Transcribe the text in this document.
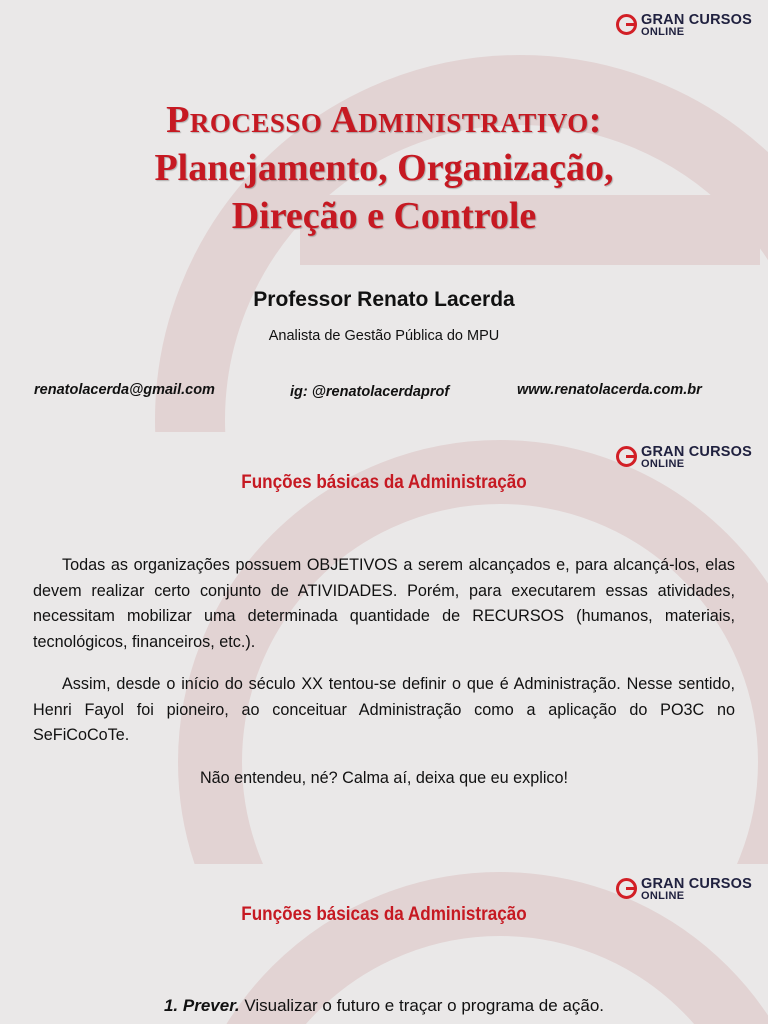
GRAN CURSOS
ONLINE
Processo Administrativo:
Planejamento, Organização,
Direção e Controle
Professor Renato Lacerda
Analista de Gestão Pública do MPU
renatolacerda@gmail.com	ig: @renatolacerdaprof	www.renatolacerda.com.br
GRAN CURSOS
ONLINE
Funções básicas da Administração

Todas as organizações possuem OBJETIVOS a serem alcançados e, para alcançá-los, elas devem realizar certo conjunto de ATIVIDADES. Porém, para executarem essas atividades, necessitam mobilizar uma determinada quantidade de RECURSOS (humanos, materiais, tecnológicos, financeiros, etc.).

Assim, desde o início do século XX tentou-se definir o que é Administração. Nesse sentido, Henri Fayol foi pioneiro, ao conceituar Administração como a aplicação do PO3C no SeFiCoCoTe.

Não entendeu, né? Calma aí, deixa que eu explico!

GRAN CURSOS
ONLINE
Funções básicas da Administração
1. Prever. Visualizar o futuro e traçar o programa de ação.
